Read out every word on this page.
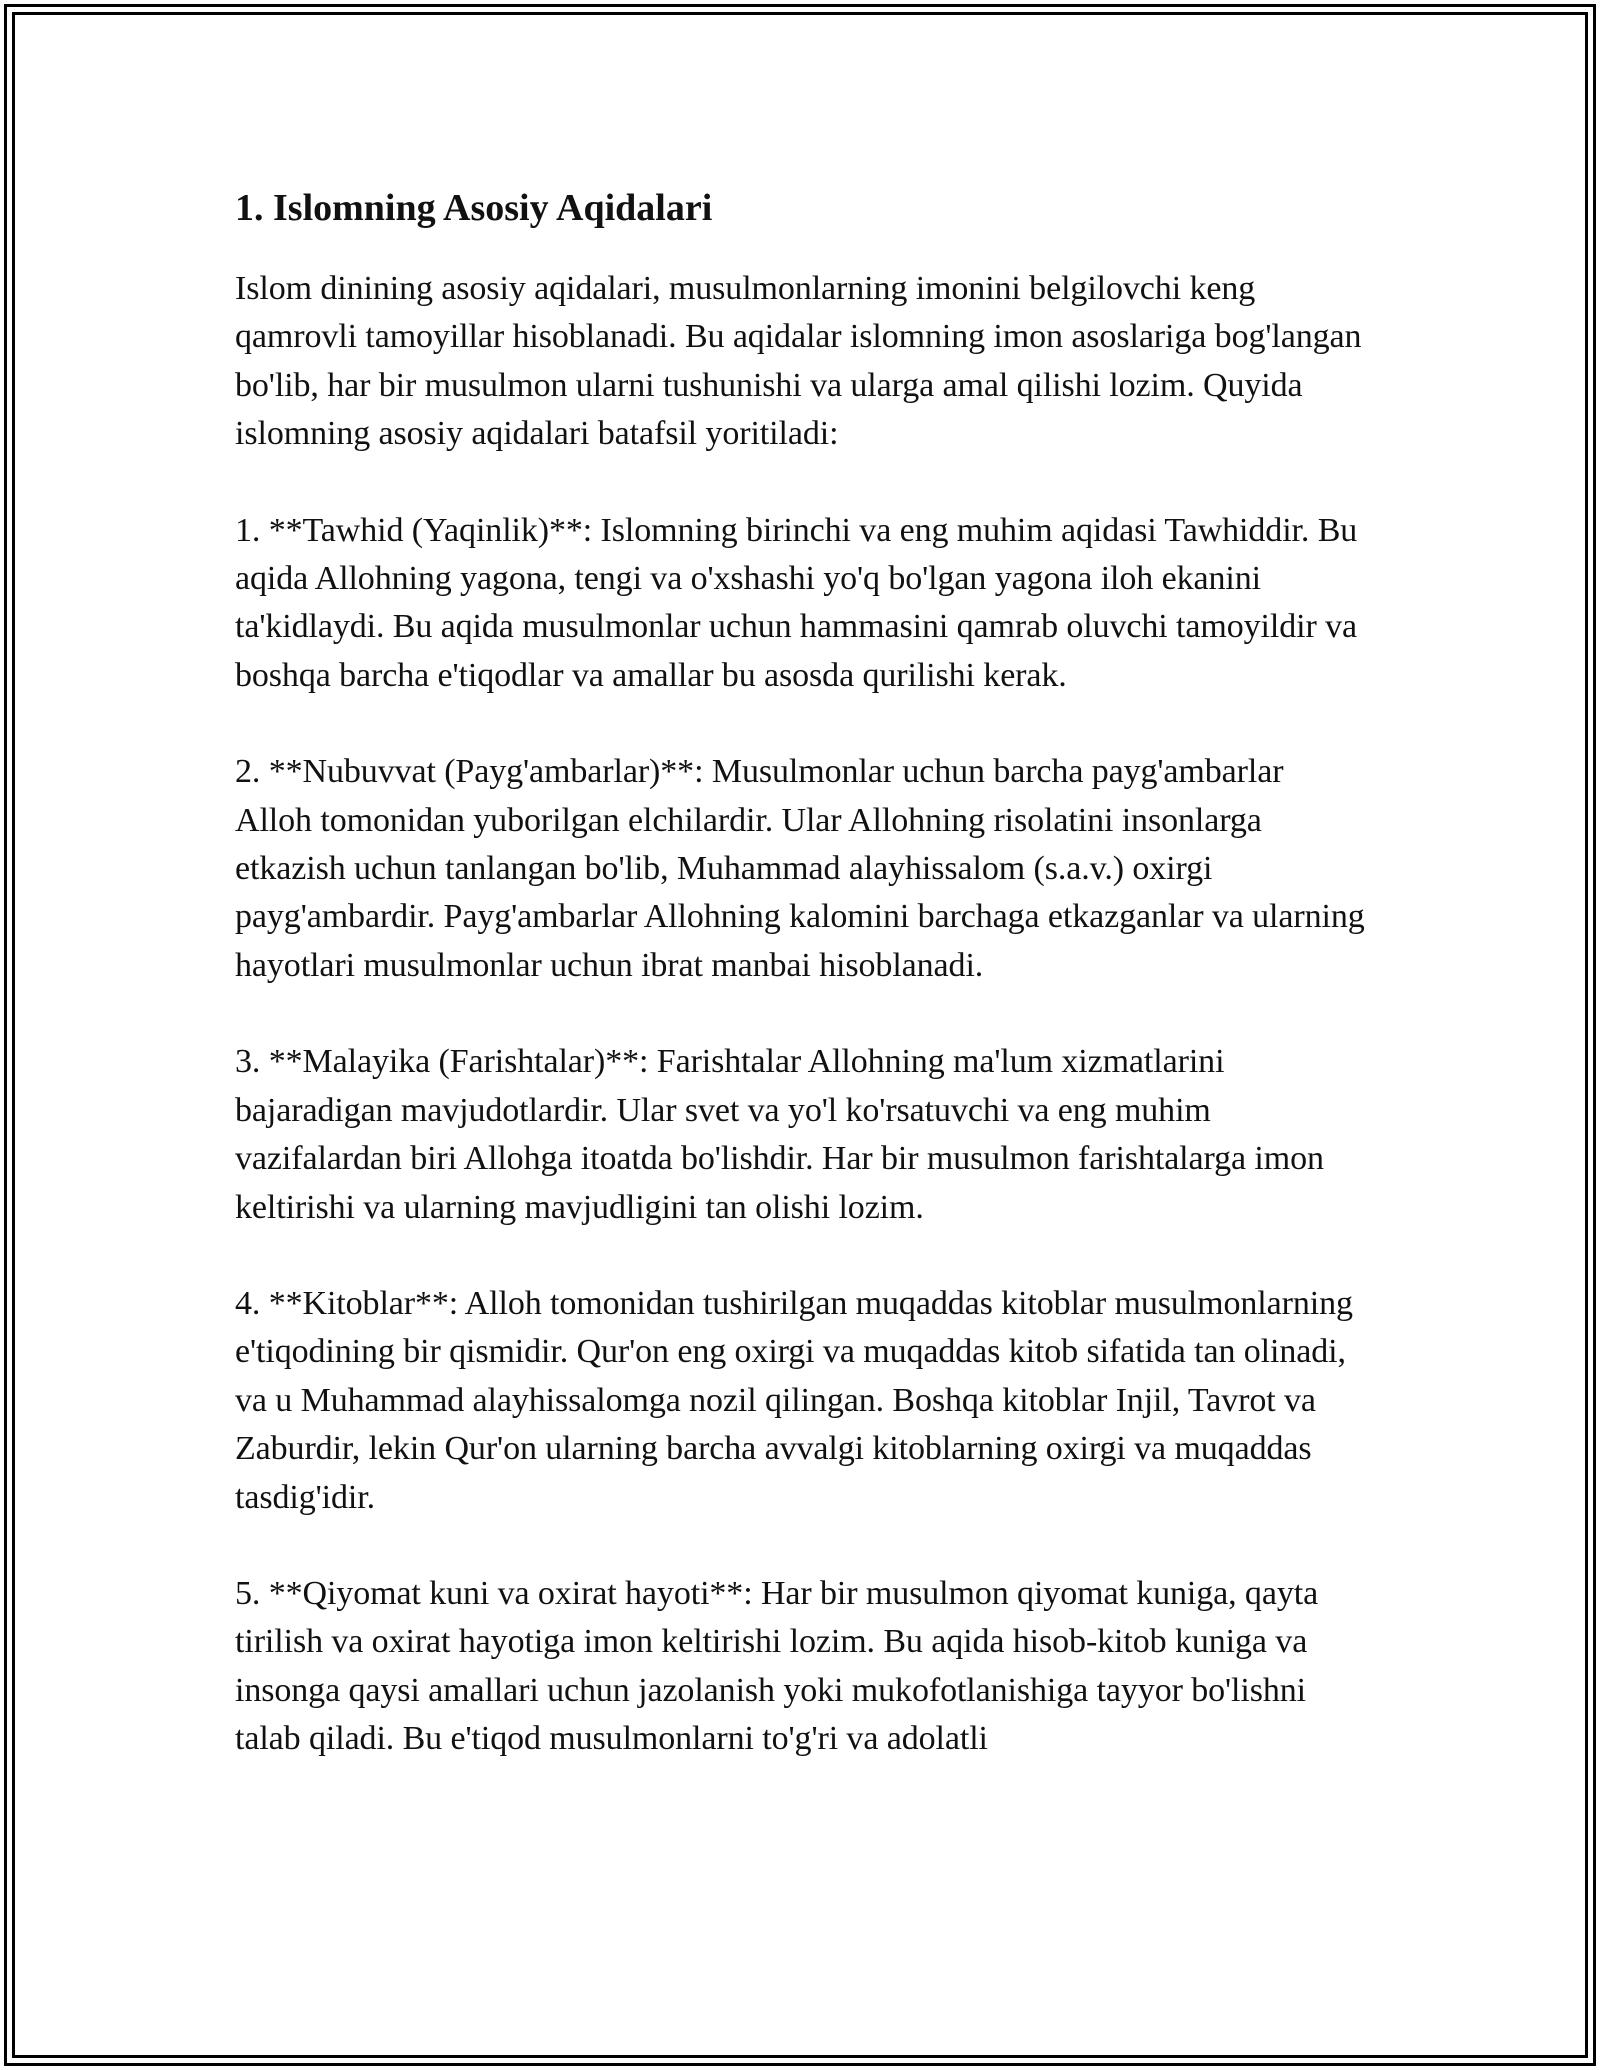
1. Islomning Asosiy Aqidalari

Islom dinining asosiy aqidalari, musulmonlarning imonini belgilovchi keng qamrovli tamoyillar hisoblanadi. Bu aqidalar islomning imon asoslariga bog'langan bo'lib, har bir musulmon ularni tushunishi va ularga amal qilishi lozim. Quyida islomning asosiy aqidalari batafsil yoritiladi:

1. **Tawhid (Yaqinlik)**: Islomning birinchi va eng muhim aqidasi Tawhiddir. Bu aqida Allohning yagona, tengi va o'xshashi yo'q bo'lgan yagona iloh ekanini ta'kidlaydi. Bu aqida musulmonlar uchun hammasini qamrab oluvchi tamoyildir va boshqa barcha e'tiqodlar va amallar bu asosda qurilishi kerak.

2. **Nubuvvat (Payg'ambarlar)**: Musulmonlar uchun barcha payg'ambarlar Alloh tomonidan yuborilgan elchilardir. Ular Allohning risolatini insonlarga etkazish uchun tanlangan bo'lib, Muhammad alayhissalom (s.a.v.) oxirgi payg'ambardir. Payg'ambarlar Allohning kalomini barchaga etkazganlar va ularning hayotlari musulmonlar uchun ibrat manbai hisoblanadi.

3. **Malayika (Farishtalar)**: Farishtalar Allohning ma'lum xizmatlarini bajaradigan mavjudotlardir. Ular svet va yo'l ko'rsatuvchi va eng muhim vazifalardan biri Allohga itoatda bo'lishdir. Har bir musulmon farishtalarga imon keltirishi va ularning mavjudligini tan olishi lozim.

4. **Kitoblar**: Alloh tomonidan tushirilgan muqaddas kitoblar musulmonlarning e'tiqodining bir qismidir. Qur'on eng oxirgi va muqaddas kitob sifatida tan olinadi, va u Muhammad alayhissalomga nozil qilingan. Boshqa kitoblar Injil, Tavrot va Zaburdir, lekin Qur'on ularning barcha avvalgi kitoblarning oxirgi va muqaddas tasdig'idir.

5. **Qiyomat kuni va oxirat hayoti**: Har bir musulmon qiyomat kuniga, qayta tirilish va oxirat hayotiga imon keltirishi lozim. Bu aqida hisob-kitob kuniga va insonga qaysi amallari uchun jazolanish yoki mukofotlanishiga tayyor bo'lishni talab qiladi. Bu e'tiqod musulmonlarni to'g'ri va adolatli
